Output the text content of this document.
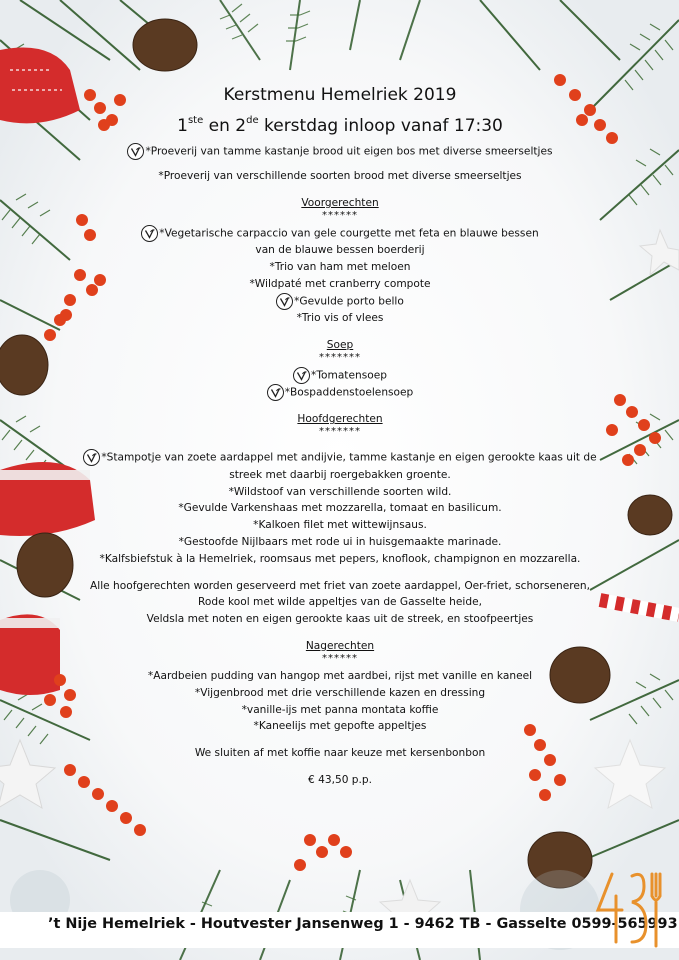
Kerstmenu Hemelriek 2019
1ste en 2de kerstdag inloop vanaf 17:30

*Proeverij van tamme kastanje brood uit eigen bos met diverse smeerseltjes

*Proeverij van verschillende soorten brood met diverse smeerseltjes

Voorgerechten

******

*Vegetarische carpaccio van gele courgette met feta en blauwe bessen

van de blauwe bessen boerderij

*Trio van ham met meloen

*Wildpaté met cranberry compote

*Gevulde porto bello

*Trio vis of vlees

Soep

*******

*Tomatensoep

*Bospaddenstoelensoep

Hoofdgerechten

*******

*Stampotje van zoete aardappel met andijvie, tamme kastanje en eigen gerookte kaas uit de

streek met daarbij roergebakken groente.

*Wildstoof van verschillende soorten wild.

*Gevulde Varkenshaas met mozzarella, tomaat en basilicum.

*Kalkoen filet met wittewijnsaus.

*Gestoofde Nijlbaars met rode ui in huisgemaakte marinade.

*Kalfsbiefstuk à la Hemelriek, roomsaus met pepers, knoflook, champignon en mozzarella.

Alle hoofgerechten worden geserveerd met friet van zoete aardappel, Oer-friet, schorseneren,

Rode kool met wilde appeltjes van de Gasselte heide,

Veldsla met noten en eigen gerookte kaas uit de streek, en stoofpeertjes

Nagerechten

******

*Aardbeien pudding van hangop met aardbei, rijst met vanille en kaneel

*Vijgenbrood met drie verschillende kazen en dressing

*vanille-ijs met panna montata koffie

*Kaneelijs met gepofte appeltjes

We sluiten af met koffie naar keuze met kersenbonbon

€ 43,50 p.p.

’t Nije Hemelriek - Houtvester Jansenweg 1 - 9462 TB - Gasselte 0599-565993
